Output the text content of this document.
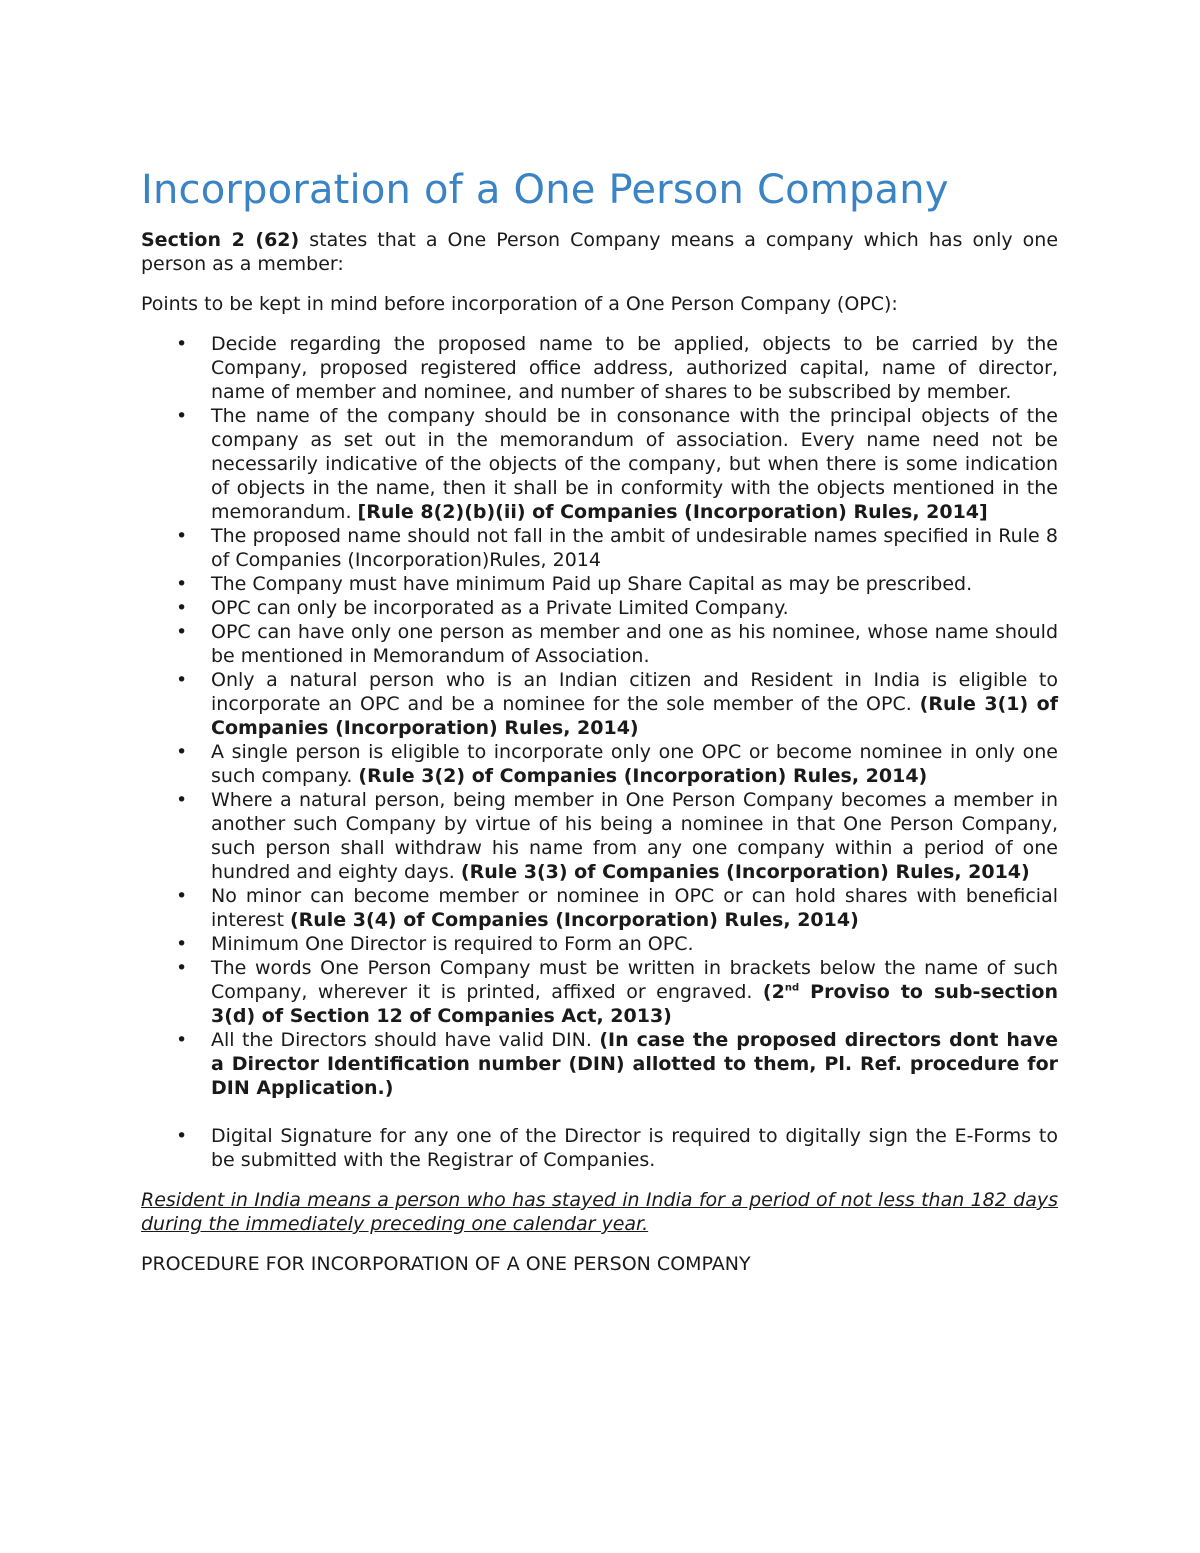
Incorporation of a One Person Company

Section 2 (62) states that a One Person Company means a company which has only one person as a member:

Points to be kept in mind before incorporation of a One Person Company (OPC):

• Decide regarding the proposed name to be applied, objects to be carried by the Company, proposed registered office address, authorized capital, name of director, name of member and nominee, and number of shares to be subscribed by member.
• The name of the company should be in consonance with the principal objects of the company as set out in the memorandum of association. Every name need not be necessarily indicative of the objects of the company, but when there is some indication of objects in the name, then it shall be in conformity with the objects mentioned in the memorandum. [Rule 8(2)(b)(ii) of Companies (Incorporation) Rules, 2014]
• The proposed name should not fall in the ambit of undesirable names specified in Rule 8 of Companies (Incorporation)Rules, 2014
• The Company must have minimum Paid up Share Capital as may be prescribed.
• OPC can only be incorporated as a Private Limited Company.
• OPC can have only one person as member and one as his nominee, whose name should be mentioned in Memorandum of Association.
• Only a natural person who is an Indian citizen and Resident in India is eligible to incorporate an OPC and be a nominee for the sole member of the OPC. (Rule 3(1) of Companies (Incorporation) Rules, 2014)
• A single person is eligible to incorporate only one OPC or become nominee in only one such company. (Rule 3(2) of Companies (Incorporation) Rules, 2014)
• Where a natural person, being member in One Person Company becomes a member in another such Company by virtue of his being a nominee in that One Person Company, such person shall withdraw his name from any one company within a period of one hundred and eighty days. (Rule 3(3) of Companies (Incorporation) Rules, 2014)
• No minor can become member or nominee in OPC or can hold shares with beneficial interest (Rule 3(4) of Companies (Incorporation) Rules, 2014)
• Minimum One Director is required to Form an OPC.
• The words One Person Company must be written in brackets below the name of such Company, wherever it is printed, affixed or engraved. (2nd Proviso to sub-section 3(d) of Section 12 of Companies Act, 2013)
• All the Directors should have valid DIN. (In case the proposed directors dont have a Director Identification number (DIN) allotted to them, Pl. Ref. procedure for DIN Application.)
• Digital Signature for any one of the Director is required to digitally sign the E-Forms to be submitted with the Registrar of Companies.

Resident in India means a person who has stayed in India for a period of not less than 182 days during the immediately preceding one calendar year.

PROCEDURE FOR INCORPORATION OF A ONE PERSON COMPANY
